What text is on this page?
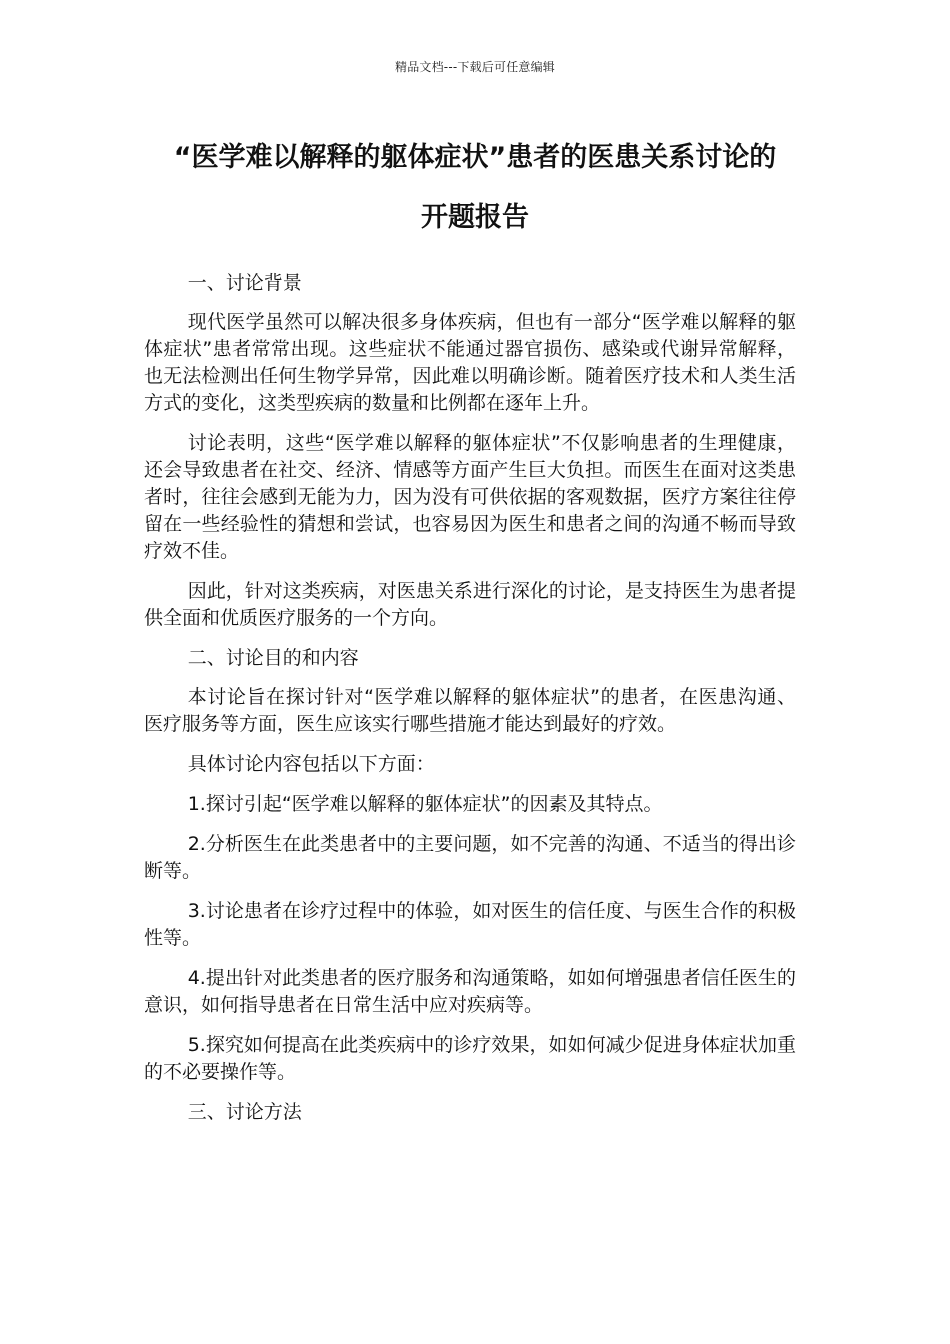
精品文档---下载后可任意编辑
“医学难以解释的躯体症状”患者的医患关系讨论的
开题报告

一、讨论背景

现代医学虽然可以解决很多身体疾病，但也有一部分“医学难以解释的躯体症状”患者常常出现。这些症状不能通过器官损伤、感染或代谢异常解释，也无法检测出任何生物学异常，因此难以明确诊断。随着医疗技术和人类生活方式的变化，这类型疾病的数量和比例都在逐年上升。

讨论表明，这些“医学难以解释的躯体症状”不仅影响患者的生理健康，还会导致患者在社交、经济、情感等方面产生巨大负担。而医生在面对这类患者时，往往会感到无能为力，因为没有可供依据的客观数据，医疗方案往往停留在一些经验性的猜想和尝试，也容易因为医生和患者之间的沟通不畅而导致疗效不佳。

因此，针对这类疾病，对医患关系进行深化的讨论，是支持医生为患者提供全面和优质医疗服务的一个方向。

二、讨论目的和内容

本讨论旨在探讨针对“医学难以解释的躯体症状”的患者，在医患沟通、医疗服务等方面，医生应该实行哪些措施才能达到最好的疗效。

具体讨论内容包括以下方面：

1.探讨引起“医学难以解释的躯体症状”的因素及其特点。

2.分析医生在此类患者中的主要问题，如不完善的沟通、不适当的得出诊断等。

3.讨论患者在诊疗过程中的体验，如对医生的信任度、与医生合作的积极性等。

4.提出针对此类患者的医疗服务和沟通策略，如如何增强患者信任医生的意识，如何指导患者在日常生活中应对疾病等。

5.探究如何提高在此类疾病中的诊疗效果，如如何减少促进身体症状加重的不必要操作等。

三、讨论方法
